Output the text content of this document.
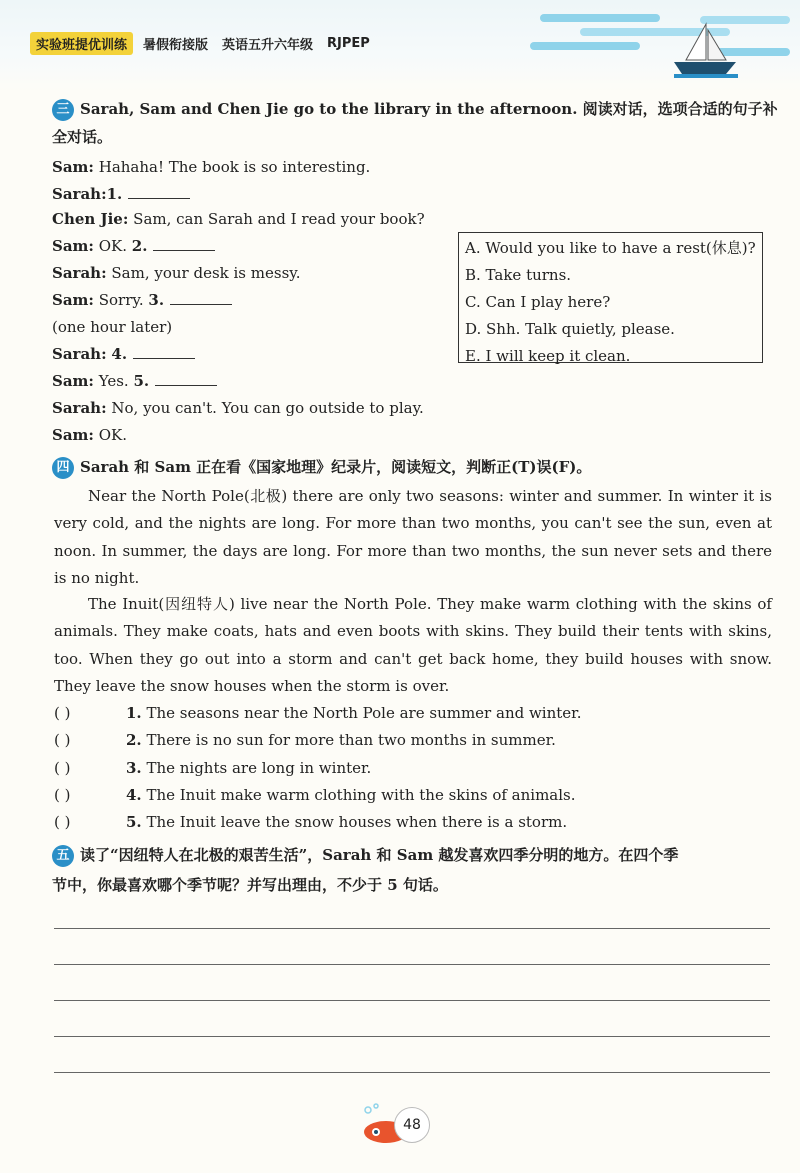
实验班提优训练	暑假衔接版 英语五升六年级 RJPEP
三 Sarah, Sam and Chen Jie go to the library in the afternoon. 阅读对话，选项合适的句子补
全对话。
Sam: Hahaha! The book is so interesting.
Sarah:1.
Chen Jie: Sam, can Sarah and I read your book?
Sam: OK. 2.
Sarah: Sam, your desk is messy.
Sam: Sorry. 3.
(one hour later)
Sarah: 4.
Sam: Yes. 5.
Sarah: No, you can't. You can go outside to play.
Sam: OK.
A. Would you like to have a rest(休息)?
B. Take turns.
C. Can I play here?
D. Shh. Talk quietly, please.
E. I will keep it clean.
四 Sarah 和 Sam 正在看《国家地理》纪录片，阅读短文，判断正(T)误(F)。
Near the North Pole(北极) there are only two seasons: winter and summer. In winter it is very cold, and the nights are long. For more than two months, you can't see the sun, even at noon. In summer, the days are long. For more than two months, the sun never sets and there is no night.
The Inuit(因纽特人) live near the North Pole. They make warm clothing with the skins of animals. They make coats, hats and even boots with skins. They build their tents with skins, too. When they go out into a storm and can't get back home, they build houses with snow. They leave the snow houses when the storm is over.
( )	1. The seasons near the North Pole are summer and winter.
( )	2. There is no sun for more than two months in summer.
( )	3. The nights are long in winter.
( )	4. The Inuit make warm clothing with the skins of animals.
( )	5. The Inuit leave the snow houses when there is a storm.
五 读了“因纽特人在北极的艰苦生活”，Sarah 和 Sam 越发喜欢四季分明的地方。在四个季
节中，你最喜欢哪个季节呢？并写出理由，不少于 5 句话。
48
